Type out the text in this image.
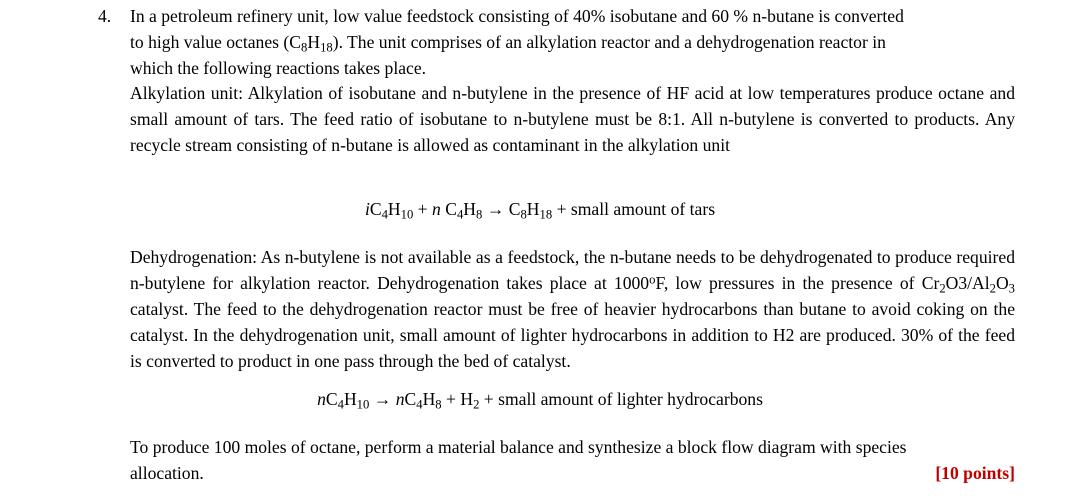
4. In a petroleum refinery unit, low value feedstock consisting of 40% isobutane and 60 % n-butane is converted
to high value octanes $(C_8H_{18})$. The unit comprises of an alkylation reactor and a dehydrogenation reactor in
which the following reactions takes place.
Alkylation unit: Alkylation of isobutane and n-butylene in the presence of HF acid at low temperatures produce octane and small amount of tars. The feed ratio of isobutane to n-butylene must be 8:1. All n-butylene is converted to products. Any recycle stream consisting of n-butane is allowed as contaminant in the alkylation unit
$iC_4H_{10} + n$ $C_4H_8 \to C_8H_{18}$ + small amount of tars
Dehydrogenation: As n-butylene is not available as a feedstock, the n-butane needs to be dehydrogenated to produce required n-butylene for alkylation reactor. Dehydrogenation takes place at 1000$^o$F, low pressures in the presence of $Cr_2O3/Al_2O_3$ catalyst. The feed to the dehydrogenation reactor must be free of heavier hydrocarbons than butane to avoid coking on the catalyst. In the dehydrogenation unit, small amount of lighter hydrocarbons in addition to H2 are produced. 30% of the feed is converted to product in one pass through the bed of catalyst.
$nC_4H_{10} \to nC_4H_8 + H_2$ + small amount of lighter hydrocarbons
To produce 100 moles of octane, perform a material balance and synthesize a block flow diagram with species
allocation.	[10 points]
